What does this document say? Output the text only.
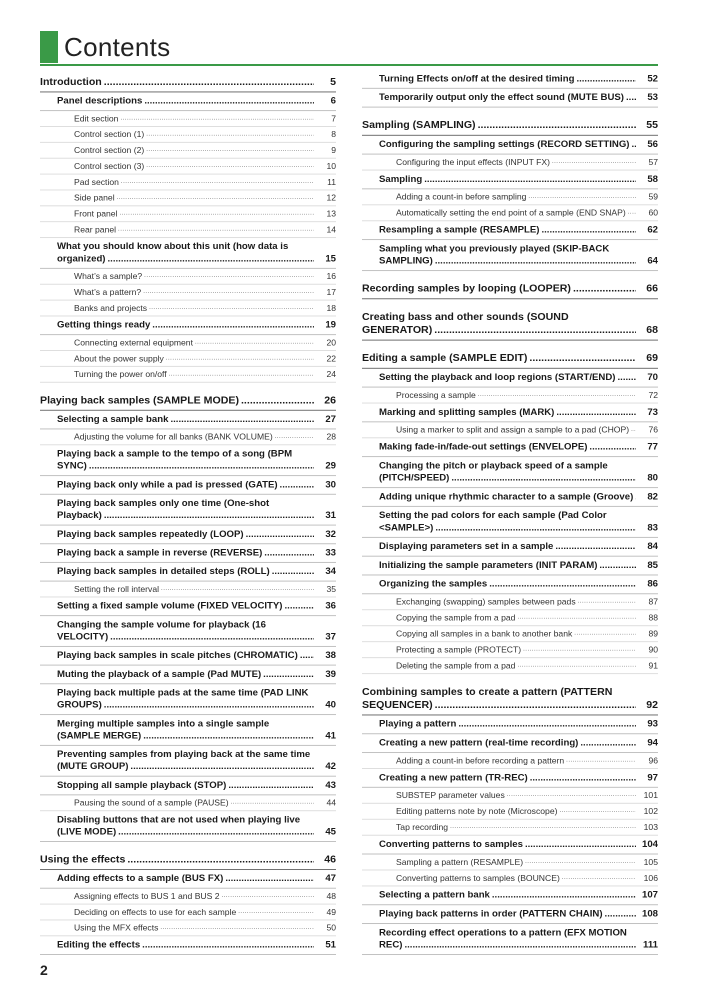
Contents
Introduction .....	5
Panel descriptions .....	6
Edit section .....	7
Control section (1) .....	8
Control section (2) .....	9
Control section (3) .....	10
Pad section .....	11
Side panel .....	12
Front panel .....	13
Rear panel .....	14
What you should know about this unit (how data is organized) .....	15
What’s a sample? .....	16
What’s a pattern? .....	17
Banks and projects .....	18
Getting things ready .....	19
Connecting external equipment .....	20
About the power supply .....	22
Turning the power on/off .....	24
Playing back samples (SAMPLE MODE) .....	26
Selecting a sample bank .....	27
Adjusting the volume for all banks (BANK VOLUME) .....	28
Playing back a sample to the tempo of a song (BPM SYNC) .....	29
Playing back only while a pad is pressed (GATE) .....	30
Playing back samples only one time (One-shot Playback) .....	31
Playing back samples repeatedly (LOOP) .....	32
Playing back a sample in reverse (REVERSE) .....	33
Playing back samples in detailed steps (ROLL) .....	34
Setting the roll interval .....	35
Setting a fixed sample volume (FIXED VELOCITY) .....	36
Changing the sample volume for playback (16 VELOCITY) .....	37
Playing back samples in scale pitches (CHROMATIC) .....	38
Muting the playback of a sample (Pad MUTE) .....	39
Playing back multiple pads at the same time (PAD LINK GROUPS) .....	40
Merging multiple samples into a single sample (SAMPLE MERGE) .....	41
Preventing samples from playing back at the same time (MUTE GROUP) .....	42
Stopping all sample playback (STOP) .....	43
Pausing the sound of a sample (PAUSE) .....	44
Disabling buttons that are not used when playing live (LIVE MODE) .....	45
Using the effects .....	46
Adding effects to a sample (BUS FX) .....	47
Assigning effects to BUS 1 and BUS 2 .....	48
Deciding on effects to use for each sample .....	49
Using the MFX effects .....	50
Editing the effects .....	51
Turning Effects on/off at the desired timing .....	52
Temporarily output only the effect sound (MUTE BUS) .....	53
Sampling (SAMPLING) .....	55
Configuring the sampling settings (RECORD SETTING) .....	56
Configuring the input effects (INPUT FX) .....	57
Sampling .....	58
Adding a count-in before sampling .....	59
Automatically setting the end point of a sample (END SNAP) .....	60
Resampling a sample (RESAMPLE) .....	62
Sampling what you previously played (SKIP-BACK SAMPLING) .....	64
Recording samples by looping (LOOPER) .....	66
Creating bass and other sounds (SOUND GENERATOR) .....	68
Editing a sample (SAMPLE EDIT) .....	69
Setting the playback and loop regions (START/END) .....	70
Processing a sample .....	72
Marking and splitting samples (MARK) .....	73
Using a marker to split and assign a sample to a pad (CHOP) .....	76
Making fade-in/fade-out settings (ENVELOPE) .....	77
Changing the pitch or playback speed of a sample (PITCH/SPEED) .....	80
Adding unique rhythmic character to a sample (Groove) .....	82
Setting the pad colors for each sample (Pad Color <SAMPLE>) .....	83
Displaying parameters set in a sample .....	84
Initializing the sample parameters (INIT PARAM) .....	85
Organizing the samples .....	86
Exchanging (swapping) samples between pads .....	87
Copying the sample from a pad .....	88
Copying all samples in a bank to another bank .....	89
Protecting a sample (PROTECT) .....	90
Deleting the sample from a pad .....	91
Combining samples to create a pattern (PATTERN SEQUENCER) .....	92
Playing a pattern .....	93
Creating a new pattern (real-time recording) .....	94
Adding a count-in before recording a pattern .....	96
Creating a new pattern (TR-REC) .....	97
SUBSTEP parameter values .....	101
Editing patterns note by note (Microscope) .....	102
Tap recording .....	103
Converting patterns to samples .....	104
Sampling a pattern (RESAMPLE) .....	105
Converting patterns to samples (BOUNCE) .....	106
Selecting a pattern bank .....	107
Playing back patterns in order (PATTERN CHAIN) .....	108
Recording effect operations to a pattern (EFX MOTION REC) .....	111
2
